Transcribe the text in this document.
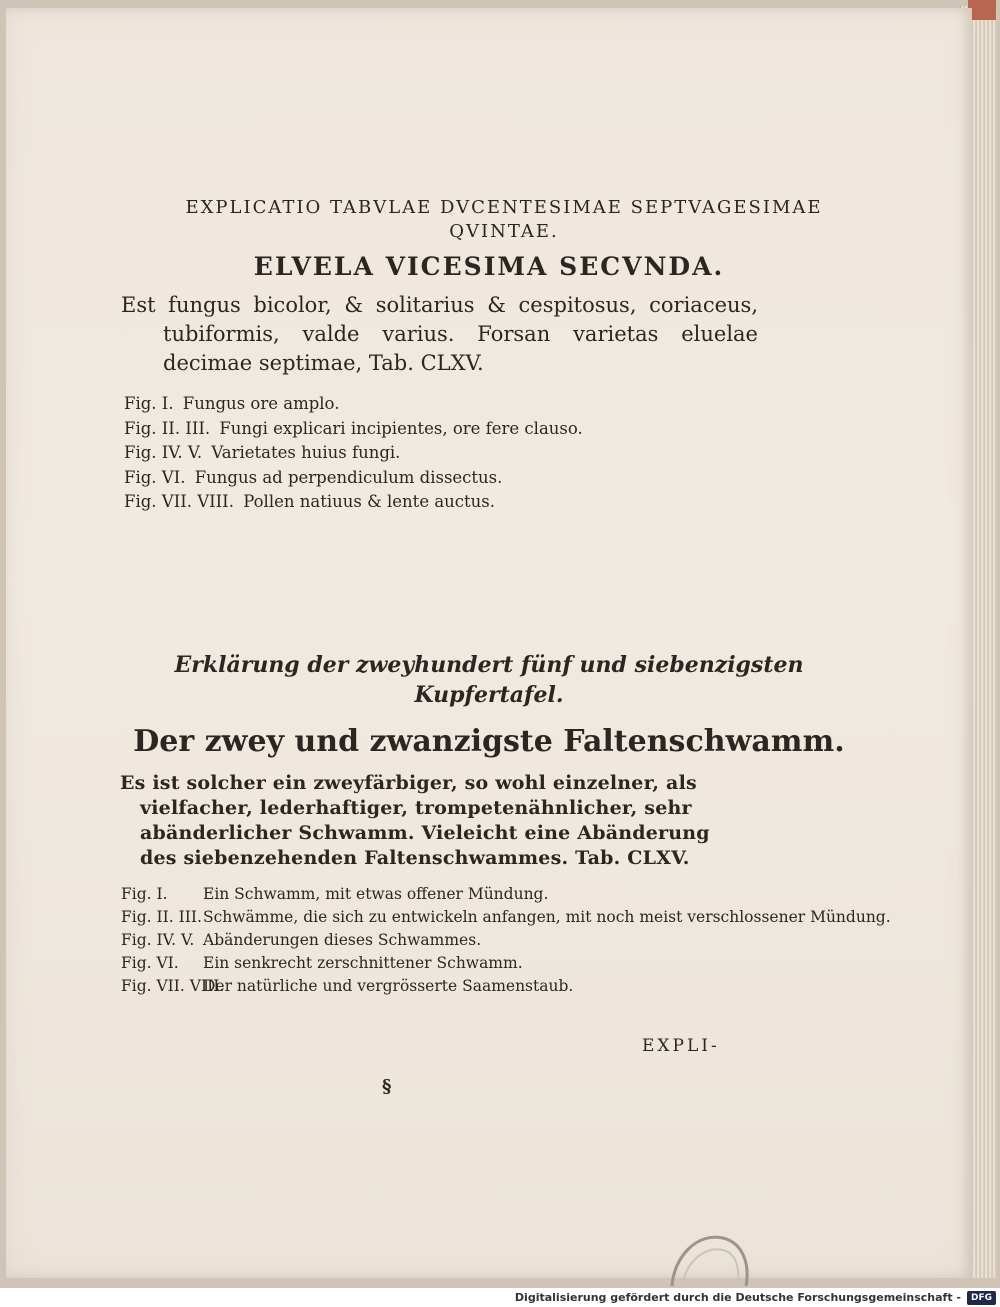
EXPLICATIO TABVLAE DVCENTESIMAE SEPTVAGESIMAE

QVINTAE.

ELVELA VICESIMA SECVNDA.

Est fungus bicolor, & solitarius & cespitosus, coriaceus, tubiformis, valde varius. Forsan varietas eluelae decimae septimae, Tab. CLXV.

Fig. I. Fungus ore amplo.
Fig. II. III. Fungi explicari incipientes, ore fere clauso.
Fig. IV. V. Varietates huius fungi.
Fig. VI. Fungus ad perpendiculum dissectus.
Fig. VII. VIII. Pollen natiuus & lente auctus.

Erklärung der zweyhundert fünf und siebenzigsten

Kupfertafel.

Der zwey und zwanzigste Faltenschwamm.

Es ist solcher ein zweyfärbiger, so wohl einzelner, als vielfacher, lederhaftiger, trompetenähnlicher, sehr abänderlicher Schwamm. Vieleicht eine Abänderung des siebenzehenden Faltenschwammes. Tab. CLXV.

Fig. I. Ein Schwamm, mit etwas offener Mündung.
Fig. II. III. Schwämme, die sich zu entwickeln anfangen, mit noch meist verschlossener Mündung.
Fig. IV. V. Abänderungen dieses Schwammes.
Fig. VI. Ein senkrecht zerschnittener Schwamm.
Fig. VII. VIII.
Der natürliche und vergrösserte Saamenstaub.
EXPLI-
§
Digitalisierung gefördert durch die Deutsche Forschungsgemeinschaft - DFG
